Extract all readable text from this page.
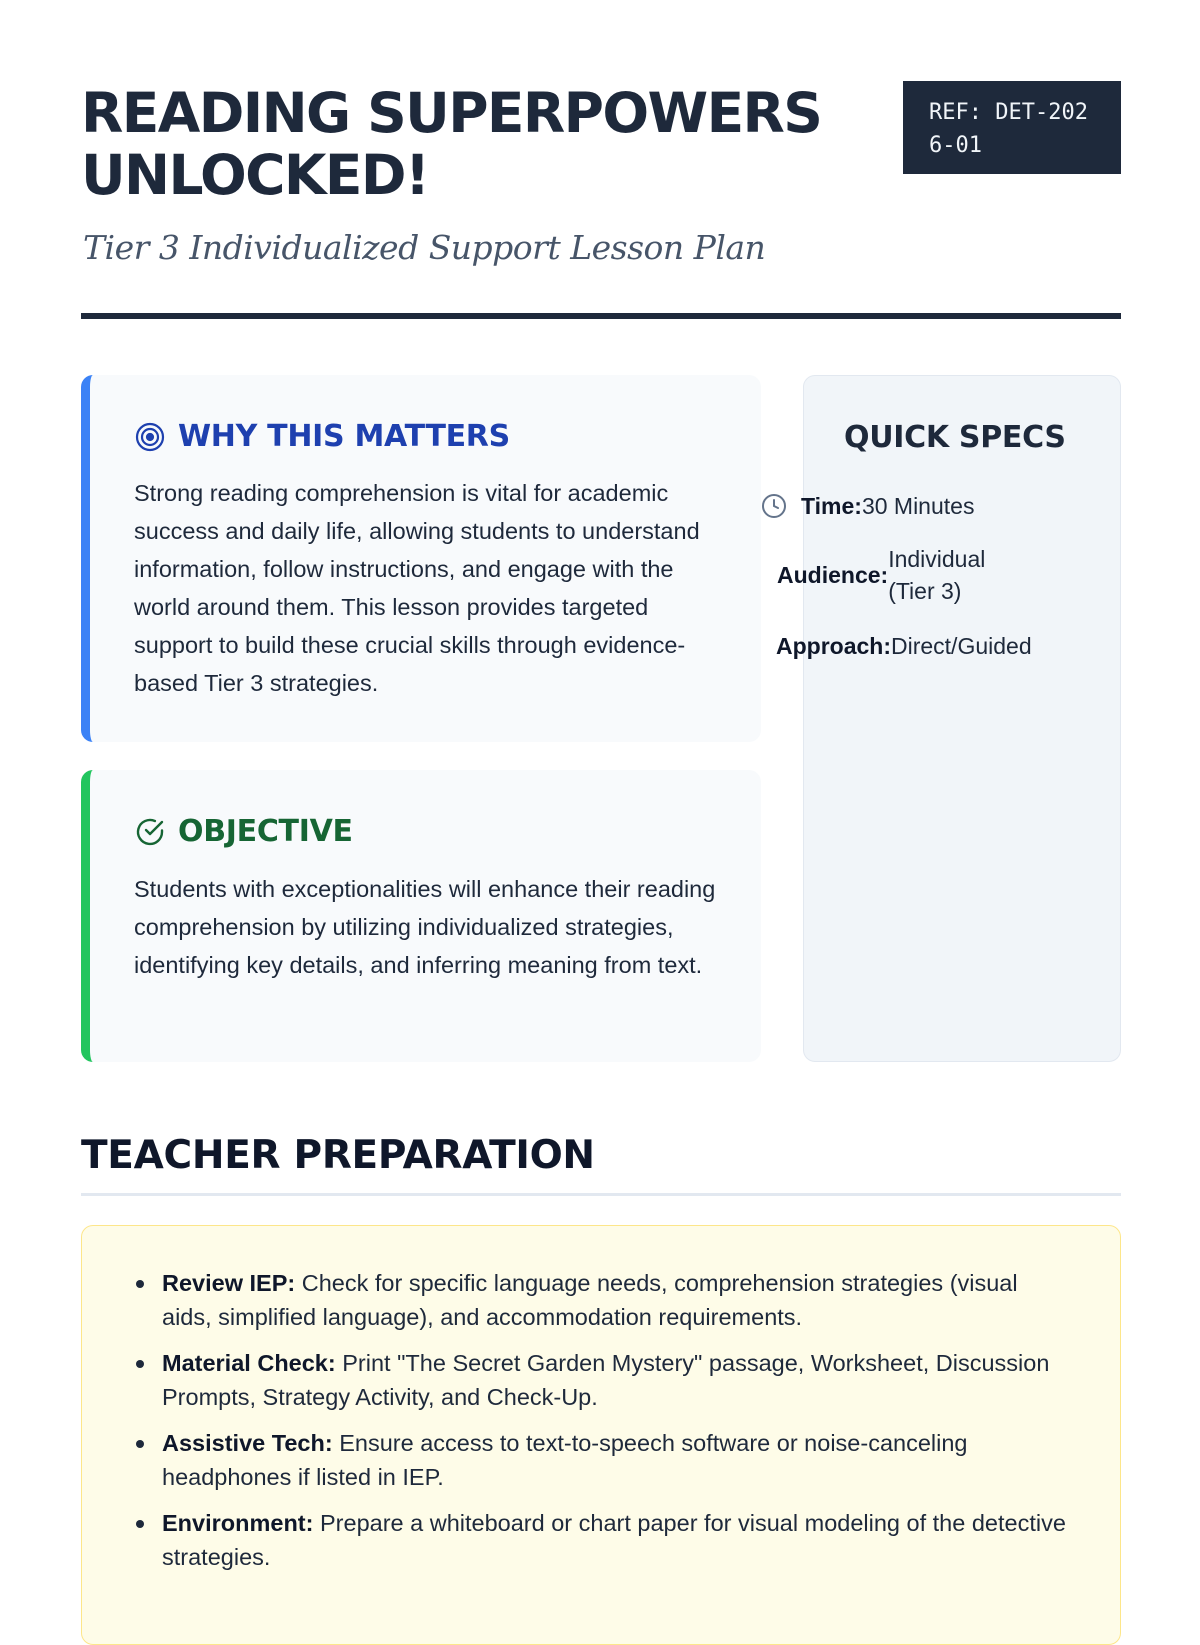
READING SUPERPOWERS UNLOCKED!
REF: DET-2026-01

Tier 3 Individualized Support Lesson Plan

WHY THIS MATTERS

Strong reading comprehension is vital for academic success and daily life, allowing students to understand information, follow instructions, and engage with the world around them. This lesson provides targeted support to build these crucial skills through evidence-based Tier 3 strategies.

OBJECTIVE

Students with exceptionalities will enhance their reading comprehension by utilizing individualized strategies, identifying key details, and inferring meaning from text.

QUICK SPECS
TEACHER PREPARATION
Review IEP: Check for specific language needs, comprehension strategies (visual aids, simplified language), and accommodation requirements.
Material Check: Print "The Secret Garden Mystery" passage, Worksheet, Discussion Prompts, Strategy Activity, and Check-Up.
Assistive Tech: Ensure access to text-to-speech software or noise-canceling headphones if listed in IEP.
Environment: Prepare a whiteboard or chart paper for visual modeling of the detective strategies.
Time: 30 Minutes
Audience:
Individual (Tier 3)
Approach: Direct/Guided
